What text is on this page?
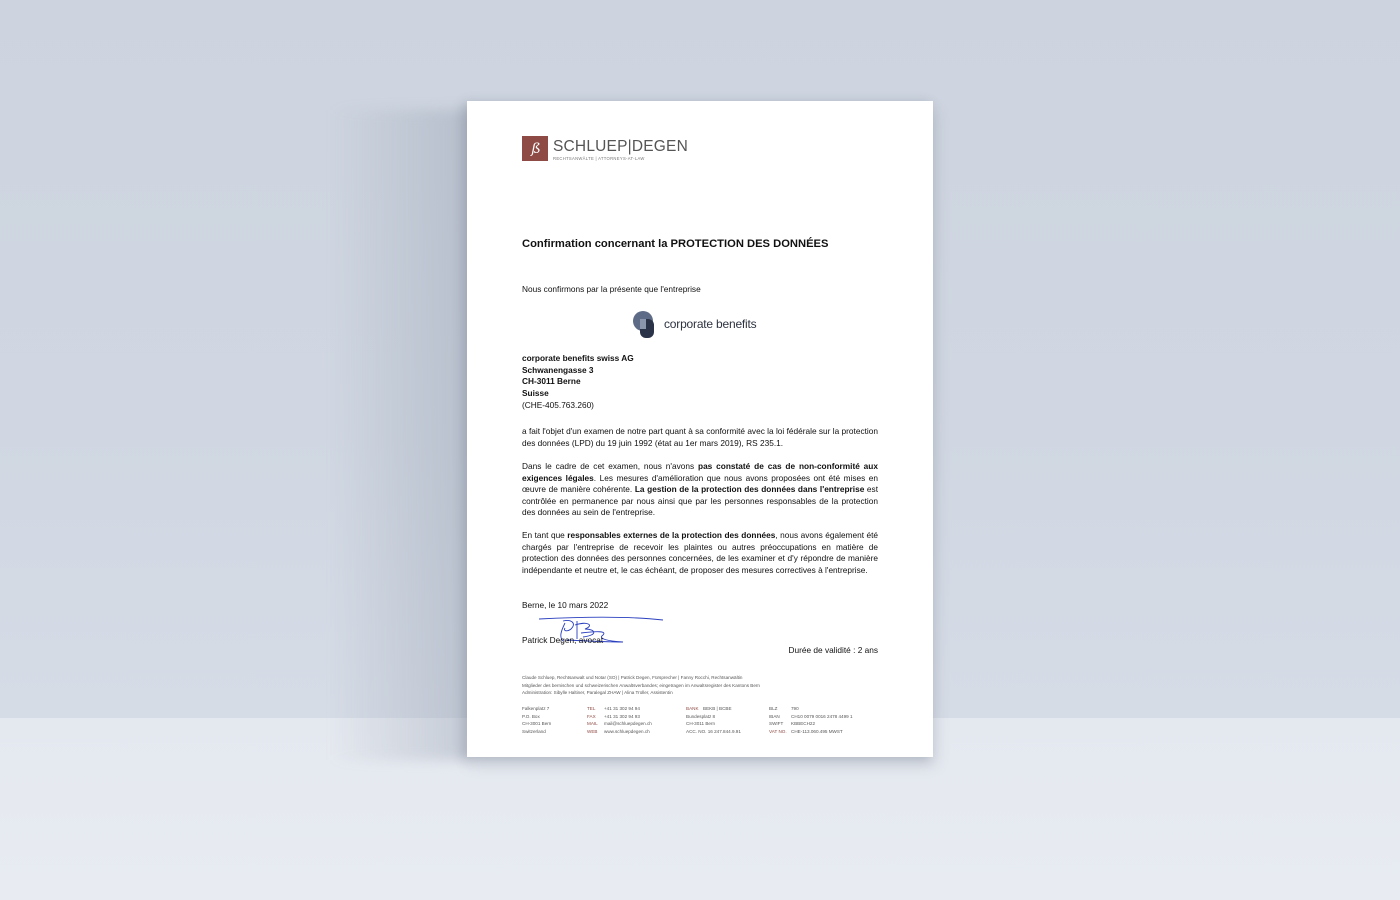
ß SCHLUEP|DEGEN
RECHTSANWÄLTE | ATTORNEYS-AT-LAW
Confirmation concernant la PROTECTION DES DONNÉES
Nous confirmons par la présente que l'entreprise
corporate benefits
corporate benefits swiss AG
Schwanengasse 3
CH-3011 Berne
Suisse
(CHE-405.763.260)
a fait l'objet d'un examen de notre part quant à sa conformité avec la loi fédérale sur la protection des données (LPD) du 19 juin 1992 (état au 1er mars 2019), RS 235.1.
Dans le cadre de cet examen, nous n'avons pas constaté de cas de non-conformité aux exigences légales. Les mesures d'amélioration que nous avons proposées ont été mises en œuvre de manière cohérente. La gestion de la protection des données dans l'entreprise est contrôlée en permanence par nous ainsi que par les personnes responsables de la protection des données au sein de l'entreprise.
En tant que responsables externes de la protection des données, nous avons également été chargés par l'entreprise de recevoir les plaintes ou autres préoccupations en matière de protection des données des personnes concernées, de les examiner et d'y répondre de manière indépendante et neutre et, le cas échéant, de proposer des mesures correctives à l'entreprise.
Berne, le 10 mars 2022
Patrick Degen, avocat
Durée de validité : 2 ans
Claude Schluep, Rechtsanwalt und Notar (SO) | Patrick Degen, Fürsprecher | Fanny Rocchi, Rechtsanwältin
Mitglieder des bernischen und schweizerischen Anwaltsverbandes; eingetragen im Anwaltsregister des Kantons Bern
Administration: Sibylle Haltiner, Paralegal ZHAW | Alina Troller, Assistentin
Falkenplatz 7
P.O. Box
CH-3001 Bern
Switzerland
TEL +41 31 302 94 94
FAX +41 31 302 94 93
MAIL mail@schluepdegen.ch
WEB www.schluepdegen.ch
BANK BEKB | BCBE
Bundesplatz 8
CH-3011 Bern
ACC. NO. 16 247.844.9.91
BLZ	790
IBAN CH10 0079 0016 2478 4499 1
SWIFT KBBECH22
VAT NO. CHE-113.060.495 MWST
